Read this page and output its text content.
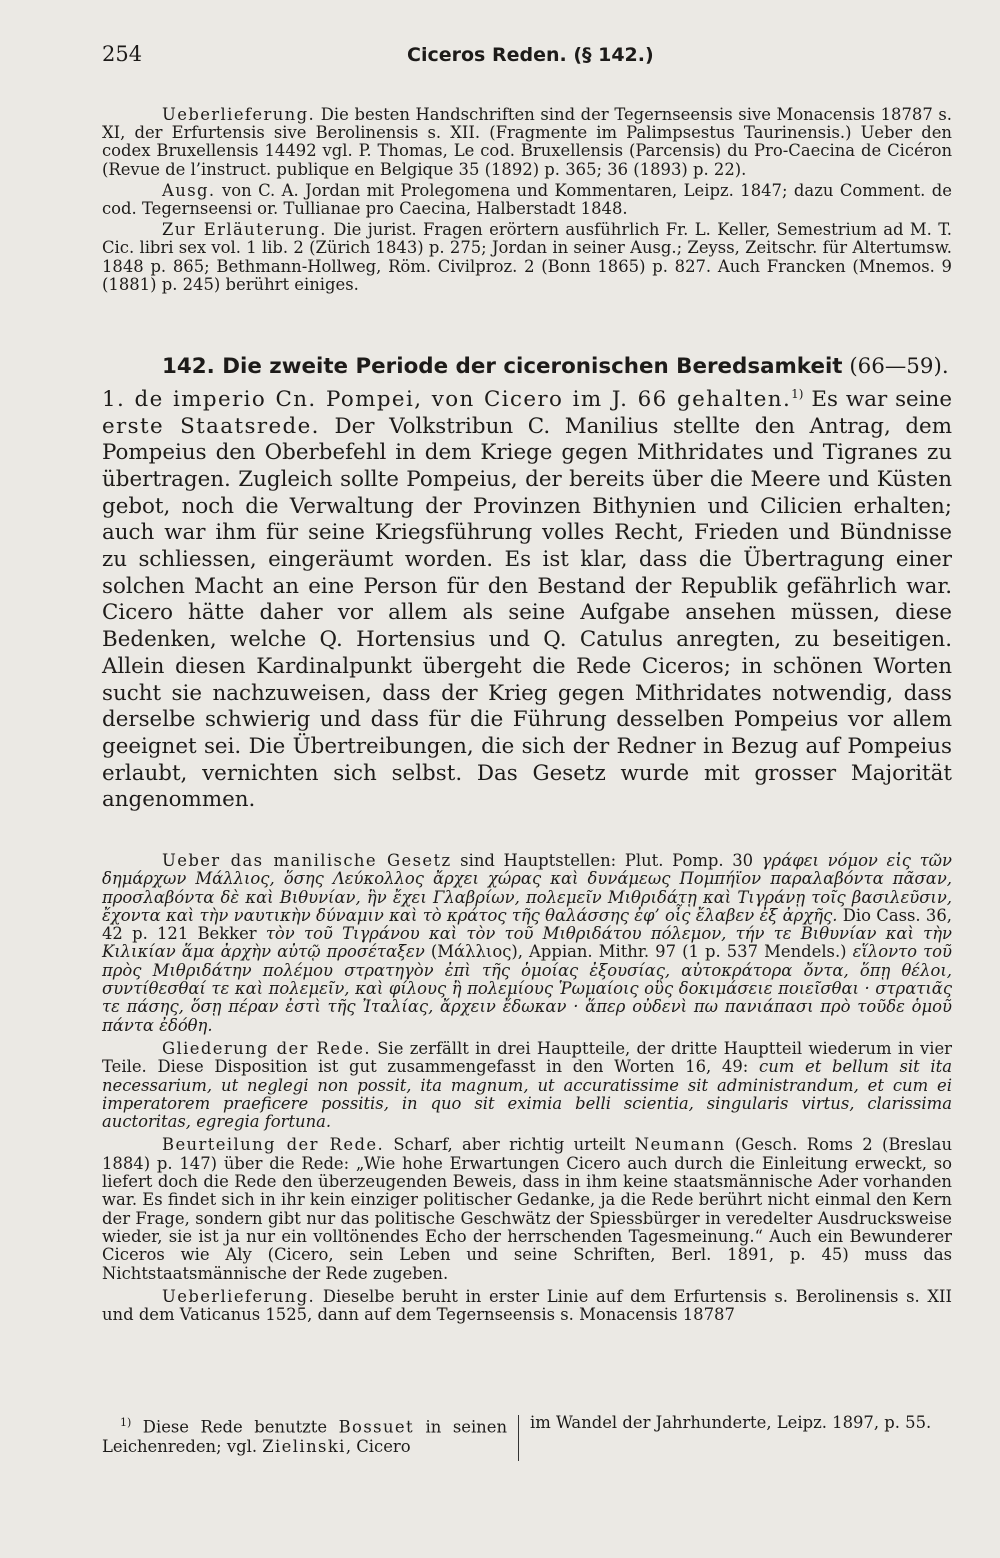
254	Ciceros Reden. (§ 142.)
Ueberlieferung. Die besten Handschriften sind der Tegernseensis sive Monacensis 18787 s. XI, der Erfurtensis sive Berolinensis s. XII. (Fragmente im Palimpsestus Taurinensis.) Ueber den codex Bruxellensis 14492 vgl. P. Thomas, Le cod. Bruxellensis (Parcensis) du Pro-Caecina de Cicéron (Revue de l’instruct. publique en Belgique 35 (1892) p. 365; 36 (1893) p. 22).
Ausg. von C. A. Jordan mit Prolegomena und Kommentaren, Leipz. 1847; dazu Comment. de cod. Tegernseensi or. Tullianae pro Caecina, Halberstadt 1848.
Zur Erläuterung. Die jurist. Fragen erörtern ausführlich Fr. L. Keller, Semestrium ad M. T. Cic. libri sex vol. 1 lib. 2 (Zürich 1843) p. 275; Jordan in seiner Ausg.; Zeyss, Zeitschr. für Altertumsw. 1848 p. 865; Bethmann-Hollweg, Röm. Civilproz. 2 (Bonn 1865) p. 827. Auch Francken (Mnemos. 9 (1881) p. 245) berührt einiges.
142. Die zweite Periode der ciceronischen Beredsamkeit (66—59).
1. de imperio Cn. Pompei, von Cicero im J. 66 gehalten.$^{1)}$ Es war seine erste Staatsrede. Der Volkstribun C. Manilius stellte den Antrag, dem Pompeius den Oberbefehl in dem Kriege gegen Mithridates und Tigranes zu übertragen. Zugleich sollte Pompeius, der bereits über die Meere und Küsten gebot, noch die Verwaltung der Provinzen Bithynien und Cilicien erhalten; auch war ihm für seine Kriegsführung volles Recht, Frieden und Bündnisse zu schliessen, eingeräumt worden. Es ist klar, dass die Übertragung einer solchen Macht an eine Person für den Bestand der Republik gefährlich war. Cicero hätte daher vor allem als seine Aufgabe ansehen müssen, diese Bedenken, welche Q. Hortensius und Q. Catulus anregten, zu beseitigen. Allein diesen Kardinalpunkt übergeht die Rede Ciceros; in schönen Worten sucht sie nachzuweisen, dass der Krieg gegen Mithridates notwendig, dass derselbe schwierig und dass für die Führung desselben Pompeius vor allem geeignet sei. Die Übertreibungen, die sich der Redner in Bezug auf Pompeius erlaubt, vernichten sich selbst. Das Gesetz wurde mit grosser Majorität angenommen.
Ueber das manilische Gesetz sind Hauptstellen: Plut. Pomp. 30 γράφει νόμον εἰς τῶν δημάρχων Μάλλιος, ὅσης Λεύκολλος ἄρχει χώρας καὶ δυνάμεως Πομπήϊον παραλαβόντα πᾶσαν, προσλαβόντα δὲ καὶ Βιθυνίαν, ἣν ἔχει Γλαβρίων, πολεμεῖν Μιθριδάτῃ καὶ Τιγράνῃ τοῖς βασιλεῦσιν, ἔχοντα καὶ τὴν ναυτικὴν δύναμιν καὶ τὸ κράτος τῆς θαλάσσης ἐφ’ οἷς ἔλαβεν ἐξ ἀρχῆς. Dio Cass. 36, 42 p. 121 Bekker τὸν τοῦ Τιγράνου καὶ τὸν τοῦ Μιθριδάτου πόλεμον, τήν τε Βιθυνίαν καὶ τὴν Κιλικίαν ἅμα ἀρχὴν αὐτῷ προσέταξεν (Μάλλιος), Appian. Mithr. 97 (1 p. 537 Mendels.) εἵλοντο τοῦ πρὸς Μιθριδάτην πολέμου στρατηγὸν ἐπὶ τῆς ὁμοίας ἐξουσίας, αὐτοκράτορα ὄντα, ὅπῃ θέλοι, συντίθεσθαί τε καὶ πολεμεῖν, καὶ φίλους ἢ πολεμίους Ῥωμαίοις οὓς δοκιμάσειε ποιεῖσθαι · στρατιᾶς τε πάσης, ὅσῃ πέραν ἐστὶ τῆς Ἰταλίας, ἄρχειν ἔδωκαν · ἅπερ οὐδενὶ πω πανιάπασι πρὸ τοῦδε ὁμοῦ πάντα ἐδόθη.
Gliederung der Rede. Sie zerfällt in drei Hauptteile, der dritte Hauptteil wiederum in vier Teile. Diese Disposition ist gut zusammengefasst in den Worten 16, 49: cum et bellum sit ita necessarium, ut neglegi non possit, ita magnum, ut accuratissime sit administrandum, et cum ei imperatorem praeficere possitis, in quo sit eximia belli scientia, singularis virtus, clarissima auctoritas, egregia fortuna.
Beurteilung der Rede. Scharf, aber richtig urteilt Neumann (Gesch. Roms 2 (Breslau 1884) p. 147) über die Rede: „Wie hohe Erwartungen Cicero auch durch die Einleitung erweckt, so liefert doch die Rede den überzeugenden Beweis, dass in ihm keine staatsmännische Ader vorhanden war. Es findet sich in ihr kein einziger politischer Gedanke, ja die Rede berührt nicht einmal den Kern der Frage, sondern gibt nur das politische Geschwätz der Spiessbürger in veredelter Ausdrucksweise wieder, sie ist ja nur ein volltönendes Echo der herrschenden Tagesmeinung.“ Auch ein Bewunderer Ciceros wie Aly (Cicero, sein Leben und seine Schriften, Berl. 1891, p. 45) muss das Nichtstaatsmännische der Rede zugeben.
Ueberlieferung. Dieselbe beruht in erster Linie auf dem Erfurtensis s. Berolinensis s. XII und dem Vaticanus 1525, dann auf dem Tegernseensis s. Monacensis 18787
$^{1)}$ Diese Rede benutzte Bossuet in seinen Leichenreden; vgl. Zielinski, Cicero
im Wandel der Jahrhunderte, Leipz. 1897, p. 55.
